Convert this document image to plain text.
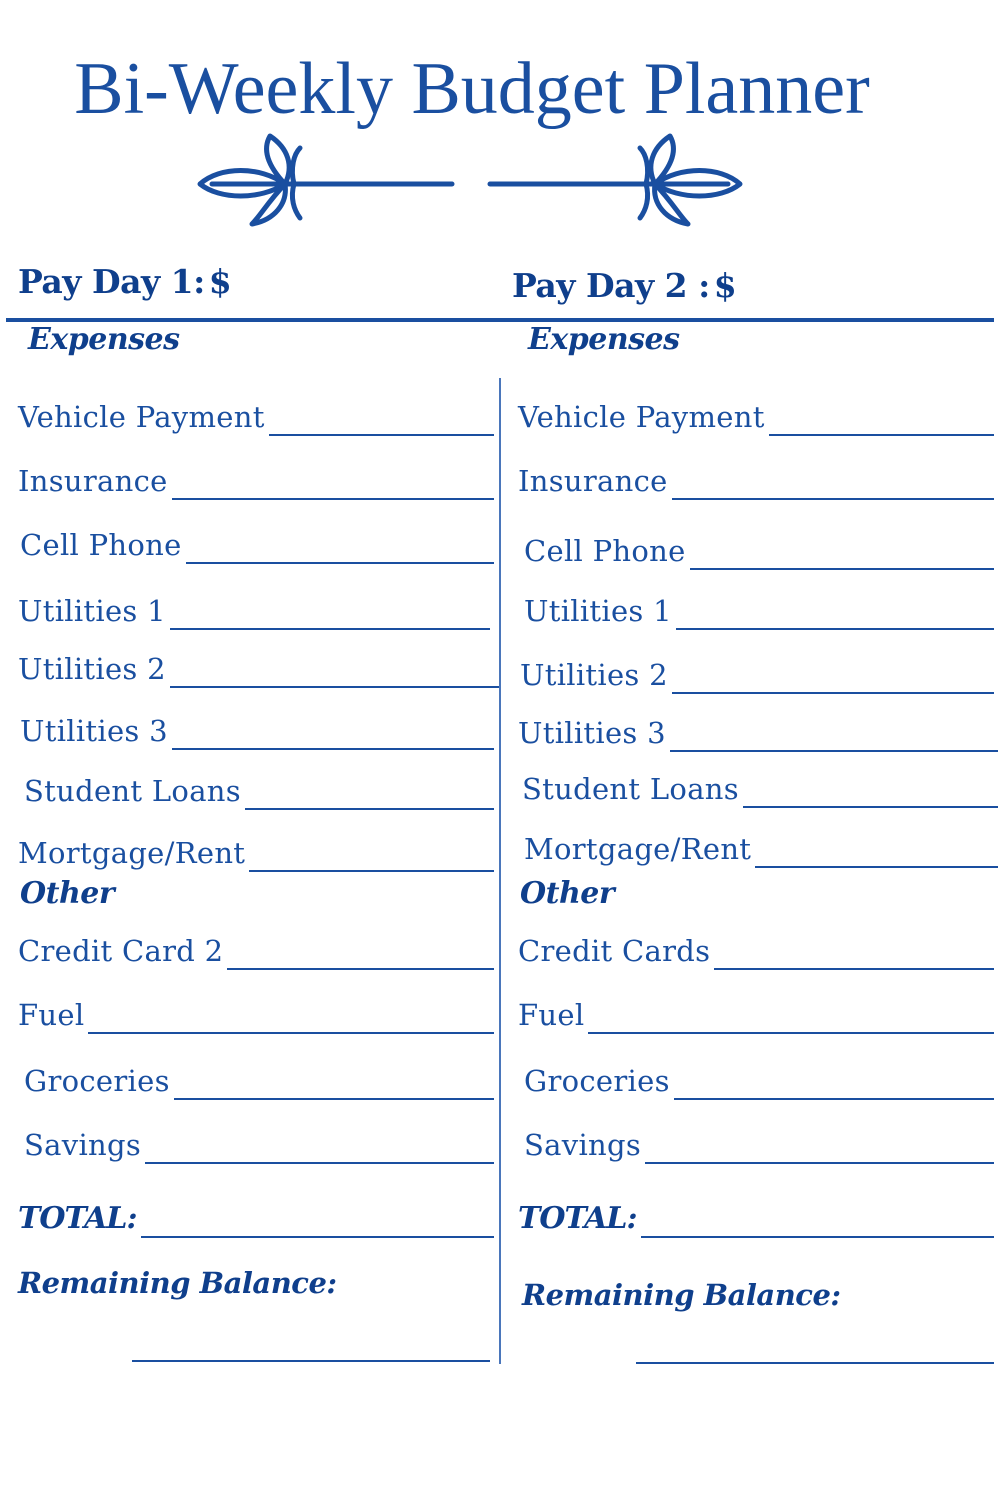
Bi-Weekly Budget Planner
Pay Day 1: $	Pay Day 2 : $
Expenses
Vehicle Payment
Insurance
Cell Phone
Utilities 1
Utilities 2
Utilities 3
Student Loans
Mortgage/Rent
Other
Credit Card 2
Fuel
Groceries
Savings
TOTAL:
Remaining Balance:
Expenses
Vehicle Payment
Insurance
Cell Phone
Utilities 1
Utilities 2
Utilities 3
Student Loans
Mortgage/Rent
Other
Credit Cards
Fuel
Groceries
Savings
TOTAL:
Remaining Balance:
